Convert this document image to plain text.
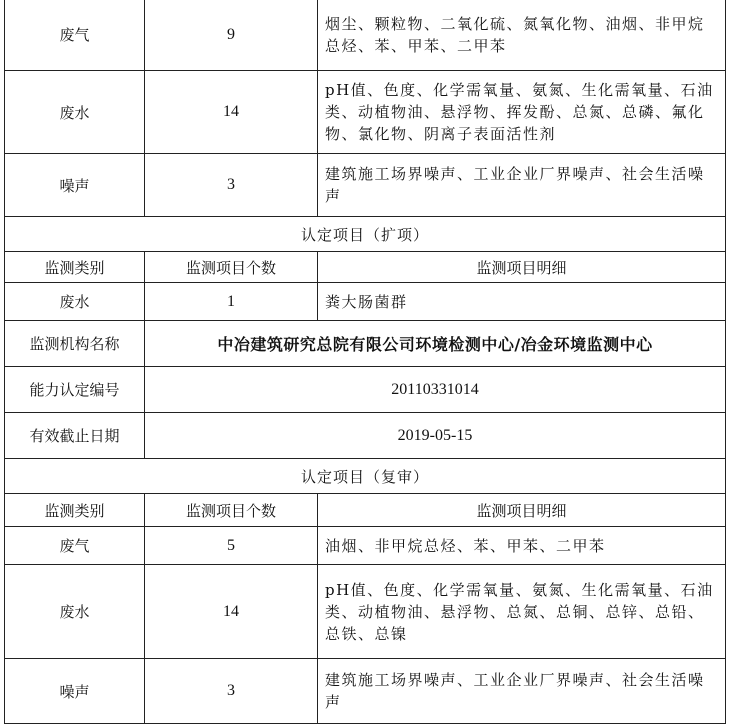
废气	9	烟尘、颗粒物、二氧化硫、氮氧化物、油烟、非甲烷总烃、苯、甲苯、二甲苯
废水	14	pH值、色度、化学需氧量、氨氮、生化需氧量、石油类、动植物油、悬浮物、挥发酚、总氮、总磷、氟化物、氯化物、阴离子表面活性剂
噪声	3	建筑施工场界噪声、工业企业厂界噪声、社会生活噪声
认定项目（扩项）		
监测类别	监测项目个数	监测项目明细
废水	1	粪大肠菌群
监测机构名称	中冶建筑研究总院有限公司环境检测中心/冶金环境监测中心	
能力认定编号	20110331014	
有效截止日期	2019-05-15	
认定项目（复审）		
监测类别	监测项目个数	监测项目明细
废气	5	油烟、非甲烷总烃、苯、甲苯、二甲苯
废水	14	pH值、色度、化学需氧量、氨氮、生化需氧量、石油类、动植物油、悬浮物、总氮、总铜、总锌、总铅、总铁、总镍
噪声	3	建筑施工场界噪声、工业企业厂界噪声、社会生活噪声
